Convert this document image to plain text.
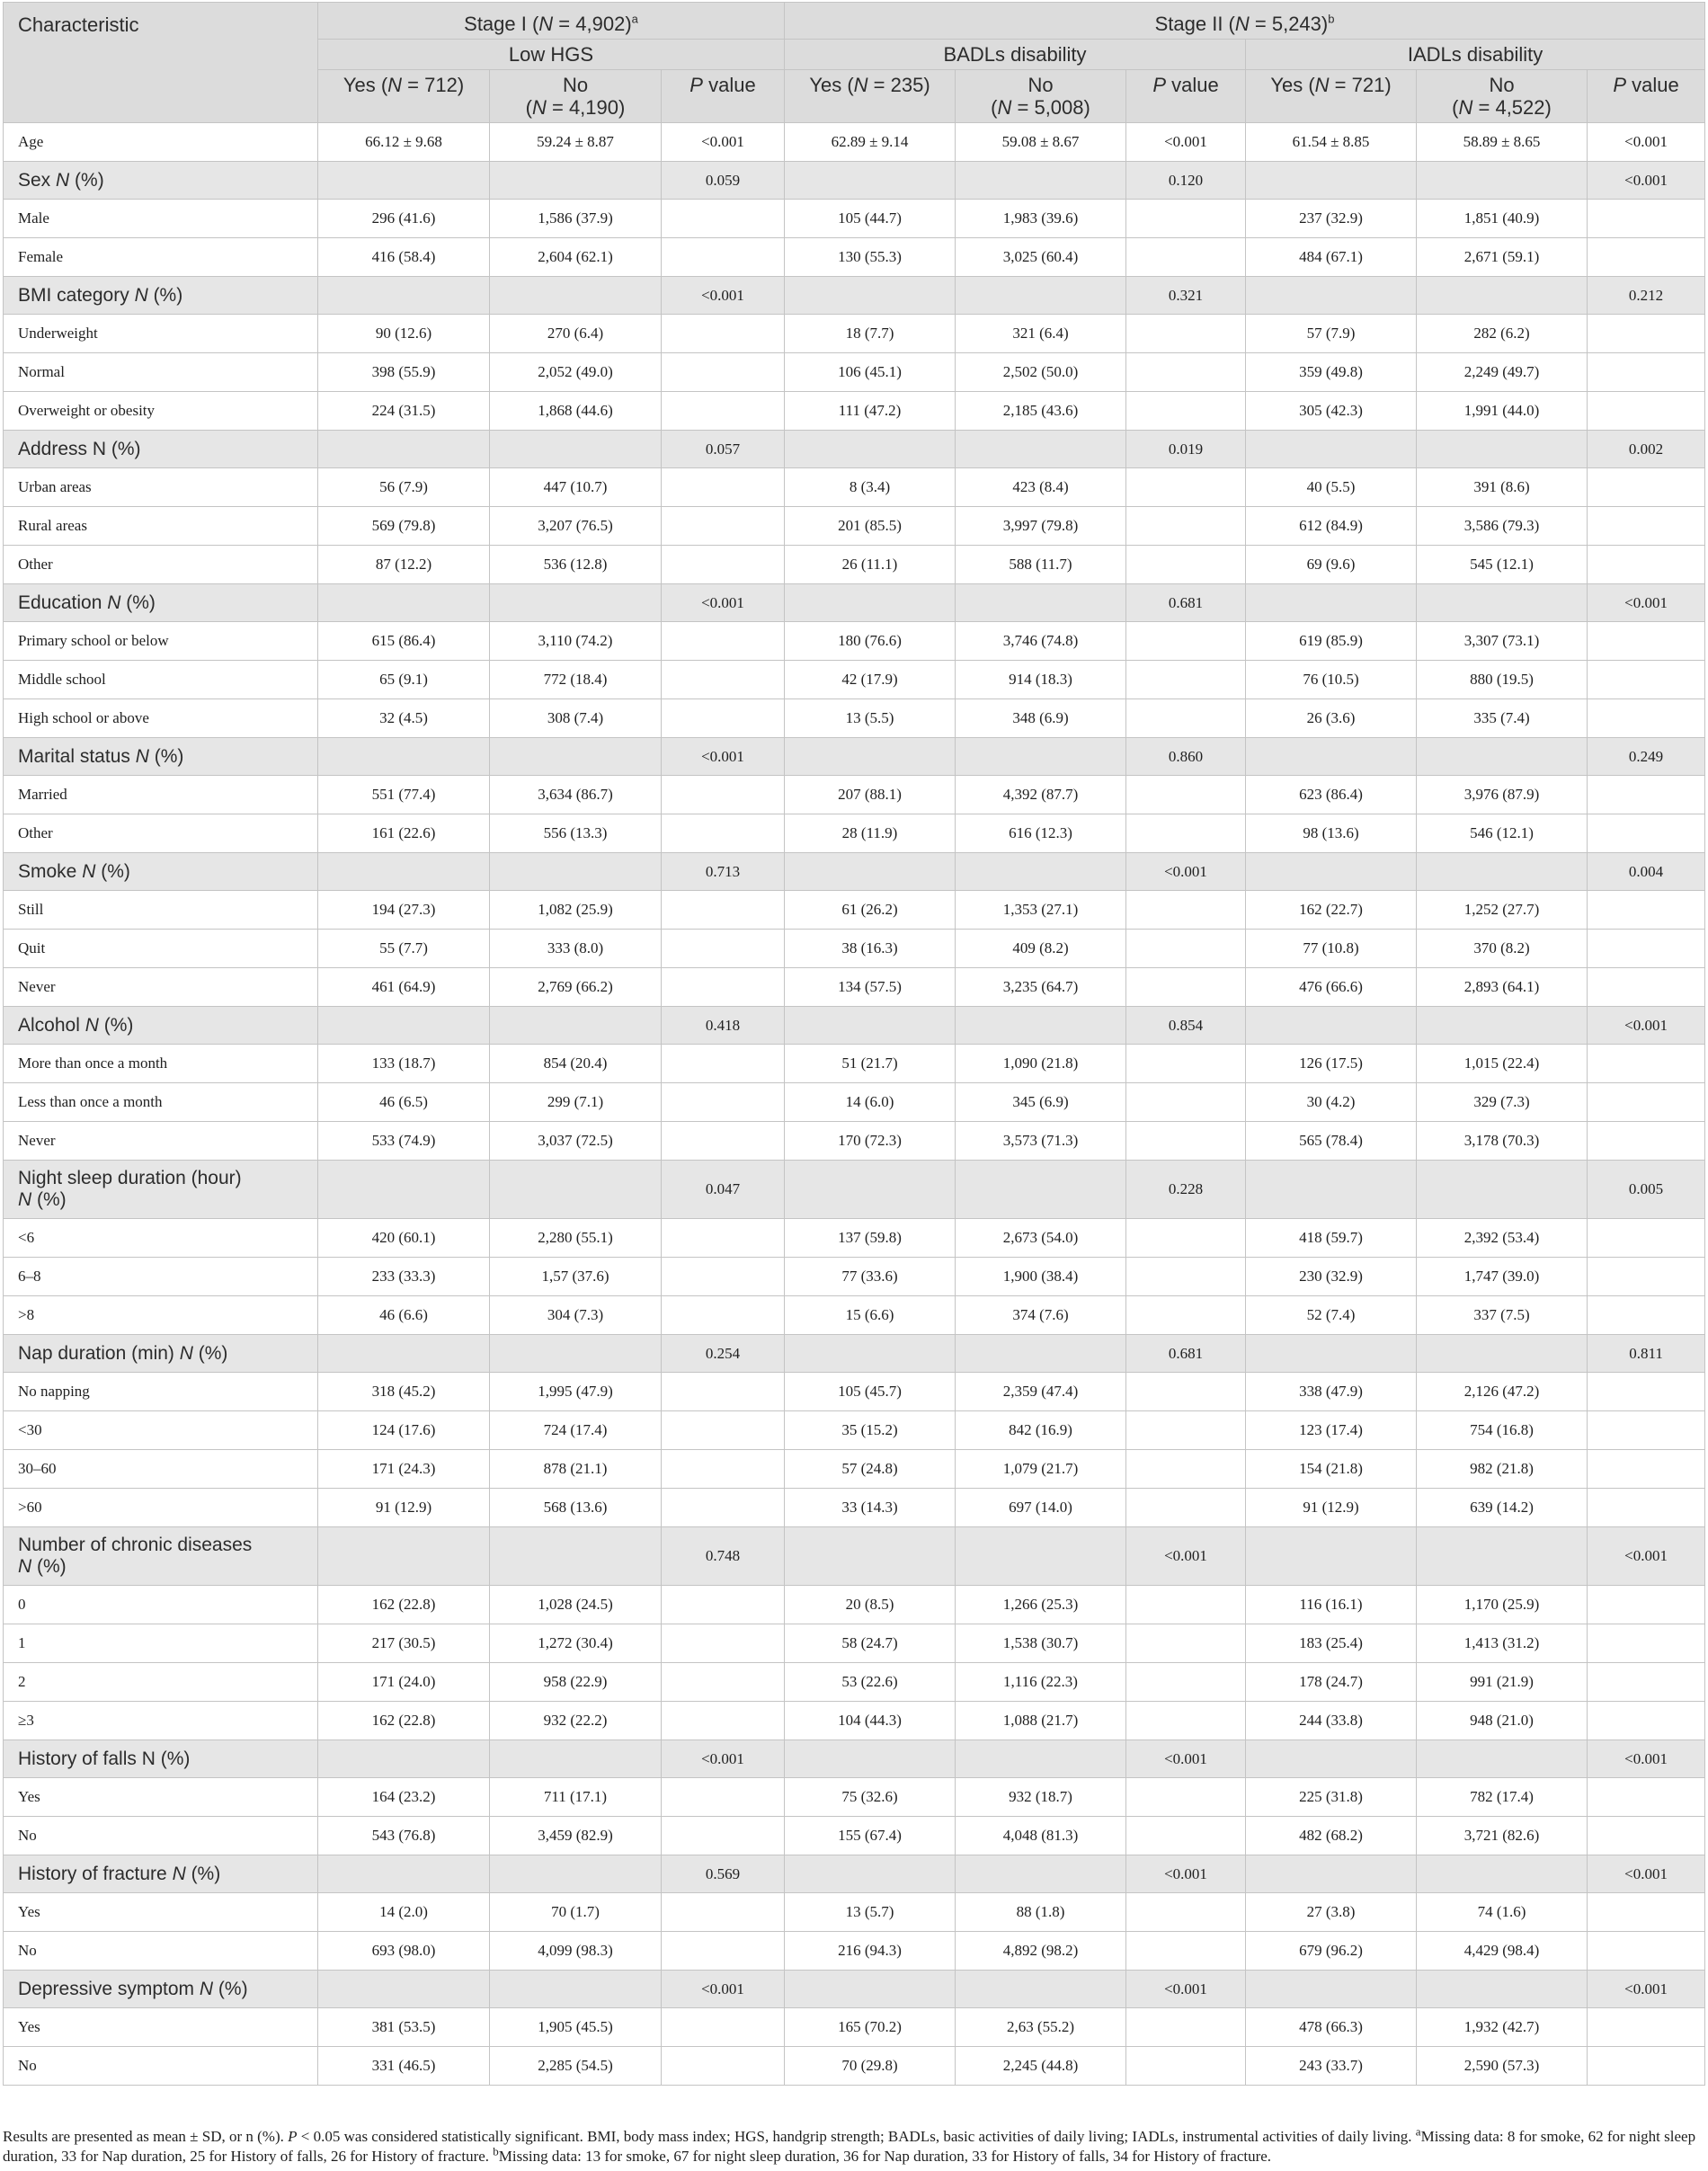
Characteristic	Stage I (N = 4,902)$^a$			Stage II (N = 5,243)$^b$
	Low HGS			BADLs disability			IADLs disability		
	Yes (N = 712)	No
(N = 4,190)	P value	Yes (N = 235)	No
(N = 5,008)	P value	Yes (N = 721)	No
(N = 4,522)	P value
Age	66.12 ± 9.68	59.24 ± 8.87	<0.001	62.89 ± 9.14	59.08 ± 8.67	<0.001	61.54 ± 8.85	58.89 ± 8.65	<0.001
Sex N (%)			0.059			0.120			<0.001
Male	296 (41.6)	1,586 (37.9)		105 (44.7)	1,983 (39.6)		237 (32.9)	1,851 (40.9)	
Female	416 (58.4)	2,604 (62.1)		130 (55.3)	3,025 (60.4)		484 (67.1)	2,671 (59.1)	
BMI category N (%)			<0.001			0.321			0.212
Underweight	90 (12.6)	270 (6.4)		18 (7.7)	321 (6.4)		57 (7.9)	282 (6.2)	
Normal	398 (55.9)	2,052 (49.0)		106 (45.1)	2,502 (50.0)		359 (49.8)	2,249 (49.7)	
Overweight or obesity	224 (31.5)	1,868 (44.6)		111 (47.2)	2,185 (43.6)		305 (42.3)	1,991 (44.0)	
Address N (%)			0.057			0.019			0.002
Urban areas	56 (7.9)	447 (10.7)		8 (3.4)	423 (8.4)		40 (5.5)	391 (8.6)	
Rural areas	569 (79.8)	3,207 (76.5)		201 (85.5)	3,997 (79.8)		612 (84.9)	3,586 (79.3)	
Other	87 (12.2)	536 (12.8)		26 (11.1)	588 (11.7)		69 (9.6)	545 (12.1)	
Education N (%)			<0.001			0.681			<0.001
Primary school or below	615 (86.4)	3,110 (74.2)		180 (76.6)	3,746 (74.8)		619 (85.9)	3,307 (73.1)	
Middle school	65 (9.1)	772 (18.4)		42 (17.9)	914 (18.3)		76 (10.5)	880 (19.5)	
High school or above	32 (4.5)	308 (7.4)		13 (5.5)	348 (6.9)		26 (3.6)	335 (7.4)	
Marital status N (%)			<0.001			0.860			0.249
Married	551 (77.4)	3,634 (86.7)		207 (88.1)	4,392 (87.7)		623 (86.4)	3,976 (87.9)	
Other	161 (22.6)	556 (13.3)		28 (11.9)	616 (12.3)		98 (13.6)	546 (12.1)	
Smoke N (%)			0.713			<0.001			0.004
Still	194 (27.3)	1,082 (25.9)		61 (26.2)	1,353 (27.1)		162 (22.7)	1,252 (27.7)	
Quit	55 (7.7)	333 (8.0)		38 (16.3)	409 (8.2)		77 (10.8)	370 (8.2)	
Never	461 (64.9)	2,769 (66.2)		134 (57.5)	3,235 (64.7)		476 (66.6)	2,893 (64.1)	
Alcohol N (%)			0.418			0.854			<0.001
More than once a month	133 (18.7)	854 (20.4)		51 (21.7)	1,090 (21.8)		126 (17.5)	1,015 (22.4)	
Less than once a month	46 (6.5)	299 (7.1)		14 (6.0)	345 (6.9)		30 (4.2)	329 (7.3)	
Never	533 (74.9)	3,037 (72.5)		170 (72.3)	3,573 (71.3)		565 (78.4)	3,178 (70.3)	
Night sleep duration (hour)
N (%)			0.047			0.228			0.005
<6	420 (60.1)	2,280 (55.1)		137 (59.8)	2,673 (54.0)		418 (59.7)	2,392 (53.4)	
6–8	233 (33.3)	1,57 (37.6)		77 (33.6)	1,900 (38.4)		230 (32.9)	1,747 (39.0)	
>8	46 (6.6)	304 (7.3)		15 (6.6)	374 (7.6)		52 (7.4)	337 (7.5)	
Nap duration (min) N (%)			0.254			0.681			0.811
No napping	318 (45.2)	1,995 (47.9)		105 (45.7)	2,359 (47.4)		338 (47.9)	2,126 (47.2)	
<30	124 (17.6)	724 (17.4)		35 (15.2)	842 (16.9)		123 (17.4)	754 (16.8)	
30–60	171 (24.3)	878 (21.1)		57 (24.8)	1,079 (21.7)		154 (21.8)	982 (21.8)	
>60	91 (12.9)	568 (13.6)		33 (14.3)	697 (14.0)		91 (12.9)	639 (14.2)	
Number of chronic diseases
N (%)			0.748			<0.001			<0.001
0	162 (22.8)	1,028 (24.5)		20 (8.5)	1,266 (25.3)		116 (16.1)	1,170 (25.9)	
1	217 (30.5)	1,272 (30.4)		58 (24.7)	1,538 (30.7)		183 (25.4)	1,413 (31.2)	
2	171 (24.0)	958 (22.9)		53 (22.6)	1,116 (22.3)		178 (24.7)	991 (21.9)	
≥3	162 (22.8)	932 (22.2)		104 (44.3)	1,088 (21.7)		244 (33.8)	948 (21.0)	
History of falls N (%)			<0.001			<0.001			<0.001
Yes	164 (23.2)	711 (17.1)		75 (32.6)	932 (18.7)		225 (31.8)	782 (17.4)	
No	543 (76.8)	3,459 (82.9)		155 (67.4)	4,048 (81.3)		482 (68.2)	3,721 (82.6)	
History of fracture N (%)			0.569			<0.001			<0.001
Yes	14 (2.0)	70 (1.7)		13 (5.7)	88 (1.8)		27 (3.8)	74 (1.6)	
No	693 (98.0)	4,099 (98.3)		216 (94.3)	4,892 (98.2)		679 (96.2)	4,429 (98.4)	
Depressive symptom N (%)			<0.001			<0.001			<0.001
Yes	381 (53.5)	1,905 (45.5)		165 (70.2)	2,63 (55.2)		478 (66.3)	1,932 (42.7)	
No	331 (46.5)	2,285 (54.5)		70 (29.8)	2,245 (44.8)		243 (33.7)	2,590 (57.3)	
Results are presented as mean ± SD, or n (%). P < 0.05 was considered statistically significant. BMI, body mass index; HGS, handgrip strength; BADLs, basic activities of daily living; IADLs, instrumental activities of daily living. $^a$Missing data: 8 for smoke, 62 for night sleep duration, 33 for Nap duration, 25 for History of falls, 26 for History of fracture. $^b$Missing data: 13 for smoke, 67 for night sleep duration, 36 for Nap duration, 33 for History of falls, 34 for History of fracture.
